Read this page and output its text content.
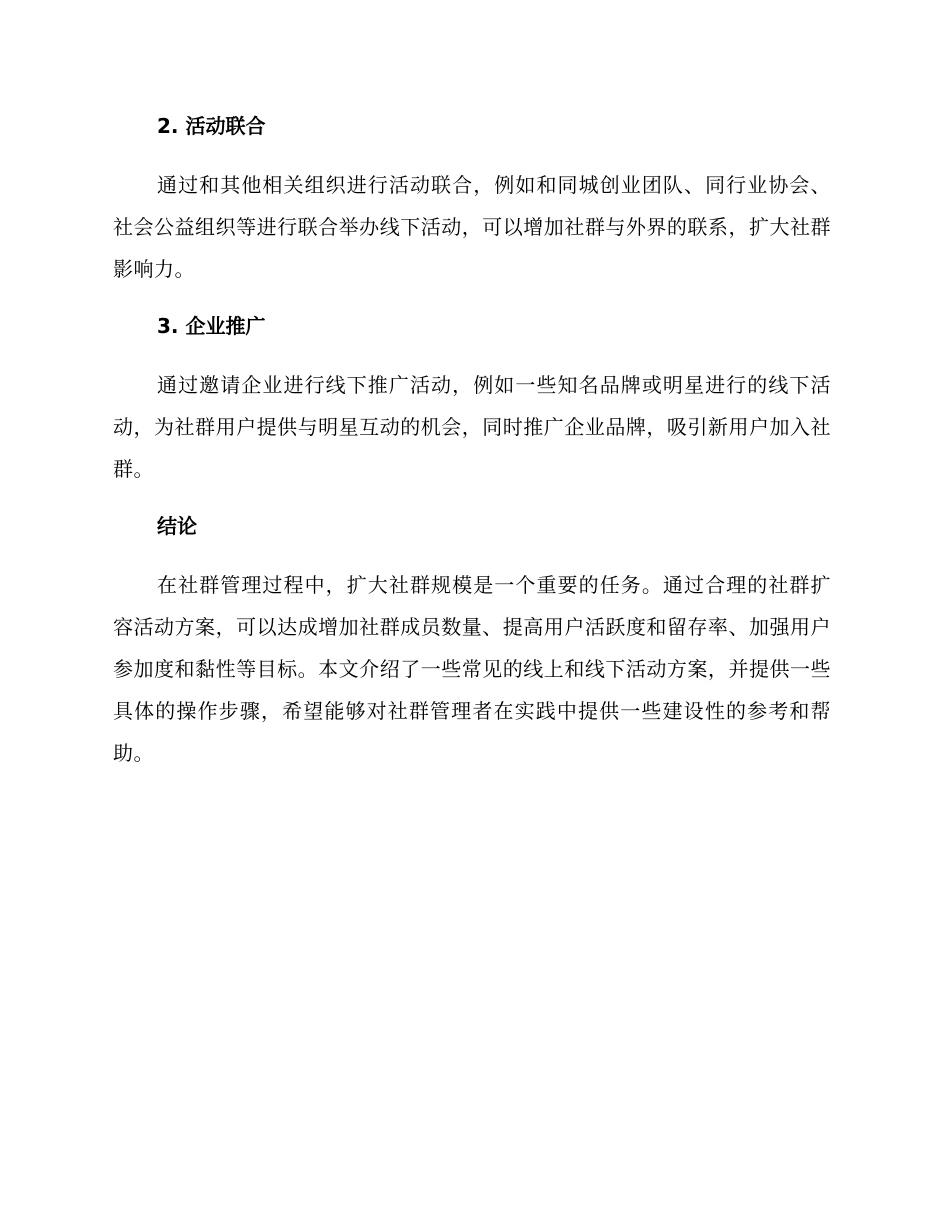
2. 活动联合

通过和其他相关组织进行活动联合，例如和同城创业团队、同行业协会、社会公益组织等进行联合举办线下活动，可以增加社群与外界的联系，扩大社群影响力。

3. 企业推广

通过邀请企业进行线下推广活动，例如一些知名品牌或明星进行的线下活动，为社群用户提供与明星互动的机会，同时推广企业品牌，吸引新用户加入社群。

结论

在社群管理过程中，扩大社群规模是一个重要的任务。通过合理的社群扩容活动方案，可以达成增加社群成员数量、提高用户活跃度和留存率、加强用户参加度和黏性等目标。本文介绍了一些常见的线上和线下活动方案，并提供一些具体的操作步骤，希望能够对社群管理者在实践中提供一些建设性的参考和帮助。
